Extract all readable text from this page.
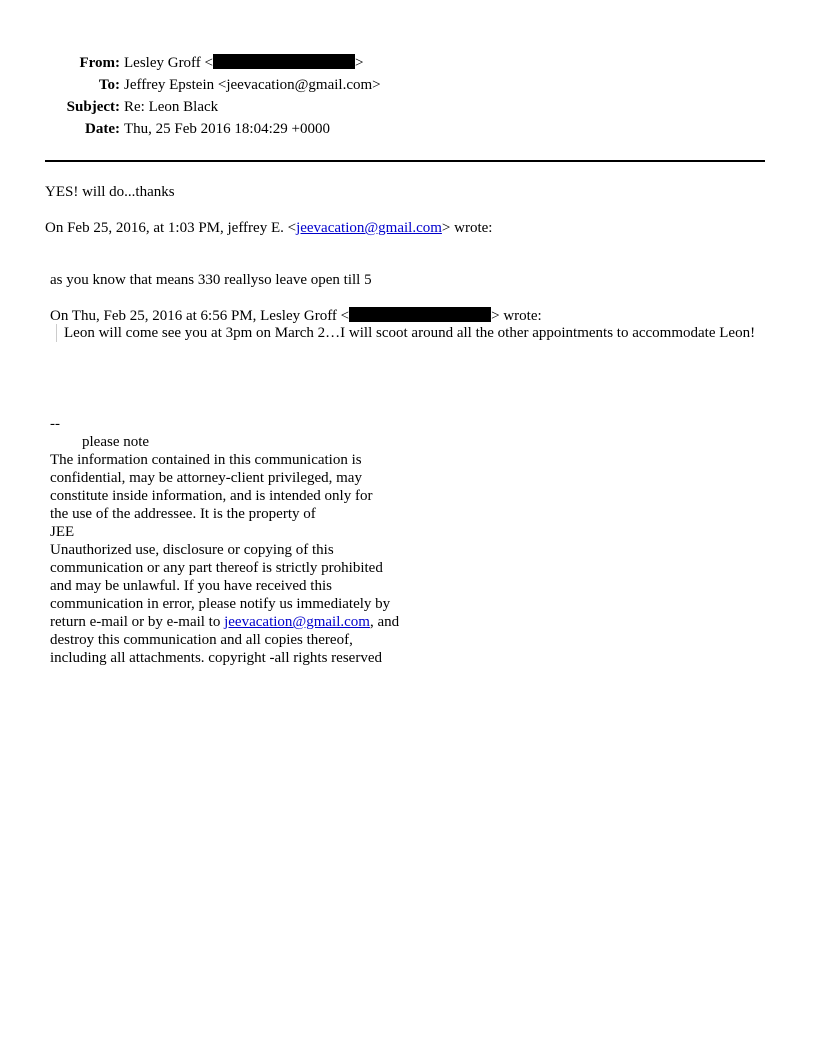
From: Lesley Groff <	>
To: Jeffrey Epstein <jeevacation@gmail.com>
Subject: Re: Leon Black
Date: Thu, 25 Feb 2016 18:04:29 +0000
YES! will do...thanks
On Feb 25, 2016, at 1:03 PM, jeffrey E. <jeevacation@gmail.com> wrote:
as you know that means 330 reallyso leave open till 5
On Thu, Feb 25, 2016 at 6:56 PM, Lesley Groff <	> wrote:
Leon will come see you at 3pm on March 2…I will scoot around all the other appointments to accommodate Leon!
--
please note
The information contained in this communication is
confidential, may be attorney-client privileged, may
constitute inside information, and is intended only for
the use of the addressee. It is the property of
JEE
Unauthorized use, disclosure or copying of this
communication or any part thereof is strictly prohibited
and may be unlawful. If you have received this
communication in error, please notify us immediately by
return e-mail or by e-mail to jeevacation@gmail.com, and
destroy this communication and all copies thereof,
including all attachments. copyright -all rights reserved
